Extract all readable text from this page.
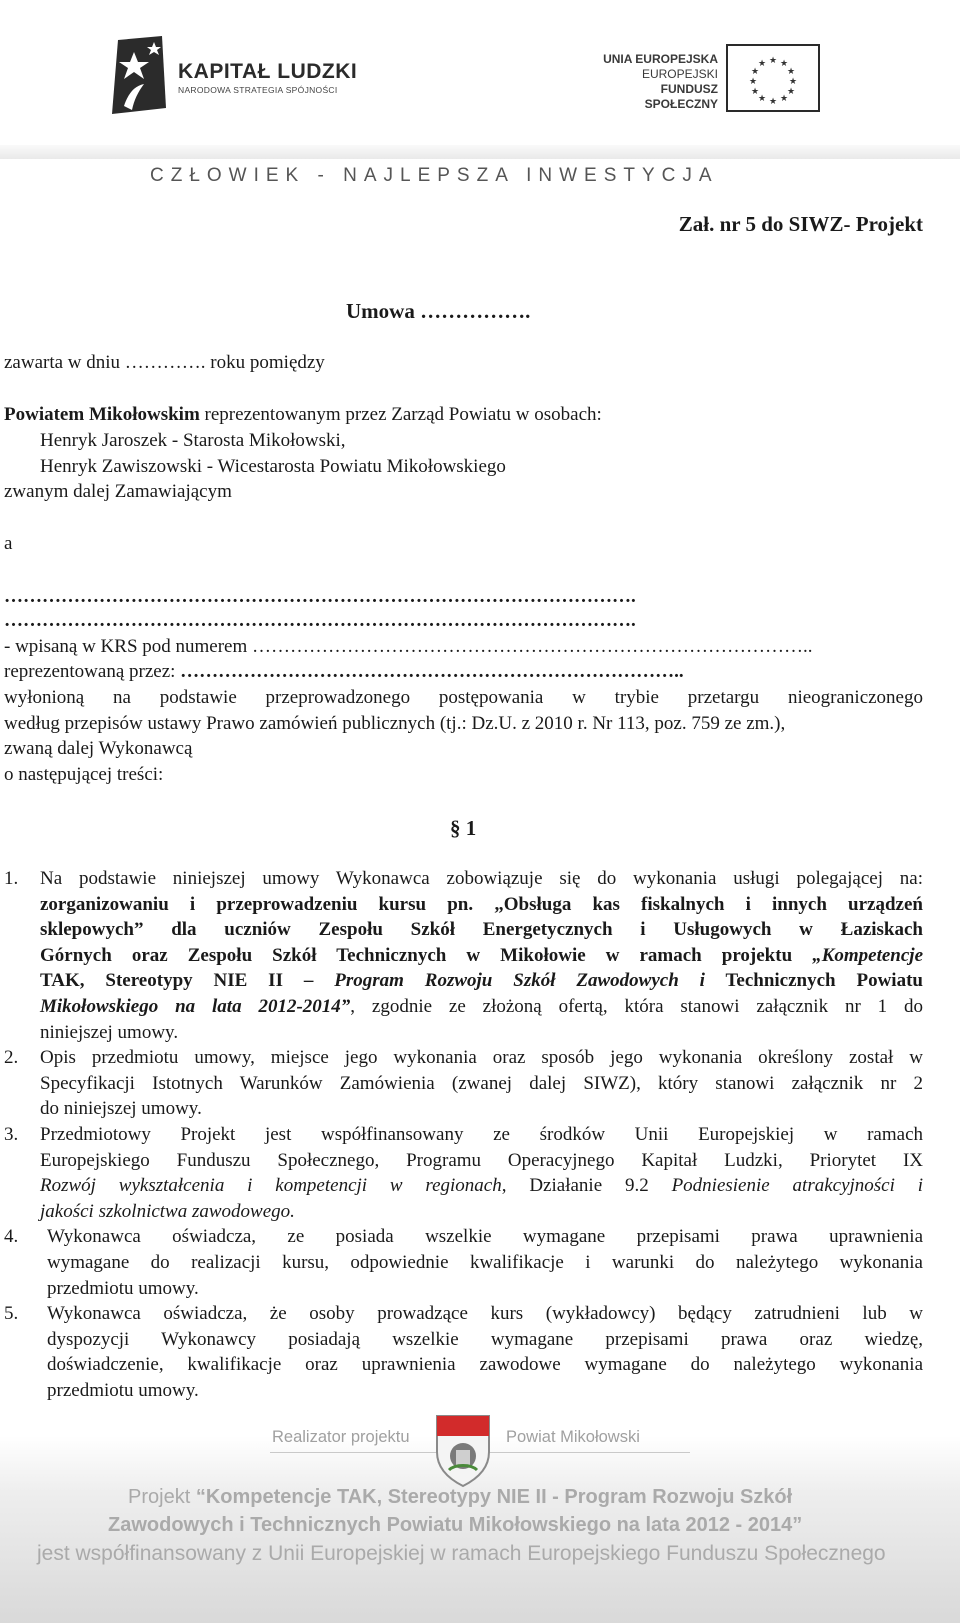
KAPITAŁ LUDZKI
NARODOWA STRATEGIA SPÓJNOŚCI
UNIA EUROPEJSKA
EUROPEJSKI
FUNDUSZ SPOŁECZNY
★ ★
★
★
★
★
★
★
★
★
★
★
CZŁOWIEK - NAJLEPSZA INWESTYCJA
Zał. nr 5 do SIWZ- Projekt
Umowa …………….
zawarta w dniu …………. roku pomiędzy
Powiatem Mikołowskim reprezentowanym przez Zarząd Powiatu w osobach:
Henryk Jaroszek - Starosta Mikołowski,
Henryk Zawiszowski - Wicestarosta Powiatu Mikołowskiego
zwanym dalej Zamawiającym
a
……………………………………………………………………………………….
……………………………………………………………………………………….
- wpisaną w KRS pod numerem ……………………………………………………………………………..
reprezentowaną przez: ……………………………………………………………………..
wyłonioną na podstawie przeprowadzonego postępowania w trybie przetargu nieograniczonego
według przepisów ustawy Prawo zamówień publicznych (tj.: Dz.U. z 2010 r. Nr 113, poz. 759 ze zm.),
zwaną dalej Wykonawcą
o następującej treści:
§ 1
1. Na podstawie niniejszej umowy Wykonawca zobowiązuje się do wykonania usługi polegającej na:
zorganizowaniu i przeprowadzeniu kursu pn. „Obsługa kas fiskalnych i innych urządzeń
sklepowych” dla uczniów Zespołu Szkół Energetycznych i Usługowych w Łaziskach
Górnych oraz Zespołu Szkół Technicznych w Mikołowie w ramach projektu „Kompetencje
TAK, Stereotypy NIE II – Program Rozwoju Szkół Zawodowych i Technicznych Powiatu
Mikołowskiego na lata 2012-2014”, zgodnie ze złożoną ofertą, która stanowi załącznik nr 1 do
niniejszej umowy.
2. Opis przedmiotu umowy, miejsce jego wykonania oraz sposób jego wykonania określony został w
Specyfikacji Istotnych Warunków Zamówienia (zwanej dalej SIWZ), który stanowi załącznik nr 2
do niniejszej umowy.
3. Przedmiotowy Projekt jest współfinansowany ze środków Unii Europejskiej w ramach
Europejskiego Funduszu Społecznego, Programu Operacyjnego Kapitał Ludzki, Priorytet IX
Rozwój wykształcenia i kompetencji w regionach, Działanie 9.2 Podniesienie atrakcyjności i
jakości szkolnictwa zawodowego.
4. Wykonawca oświadcza, ze posiada wszelkie wymagane przepisami prawa uprawnienia
wymagane do realizacji kursu, odpowiednie kwalifikacje i warunki do należytego wykonania
przedmiotu umowy.
5. Wykonawca oświadcza, że osoby prowadzące kurs (wykładowcy) będący zatrudnieni lub w
dyspozycji Wykonawcy posiadają wszelkie wymagane przepisami prawa oraz wiedzę,
doświadczenie, kwalifikacje oraz uprawnienia zawodowe wymagane do należytego wykonania
przedmiotu umowy.
Realizator projektu	Powiat Mikołowski
Projekt “Kompetencje TAK, Stereotypy NIE II - Program Rozwoju Szkół
Zawodowych i Technicznych Powiatu Mikołowskiego na lata 2012 - 2014”
jest współfinansowany z Unii Europejskiej w ramach Europejskiego Funduszu Społecznego
